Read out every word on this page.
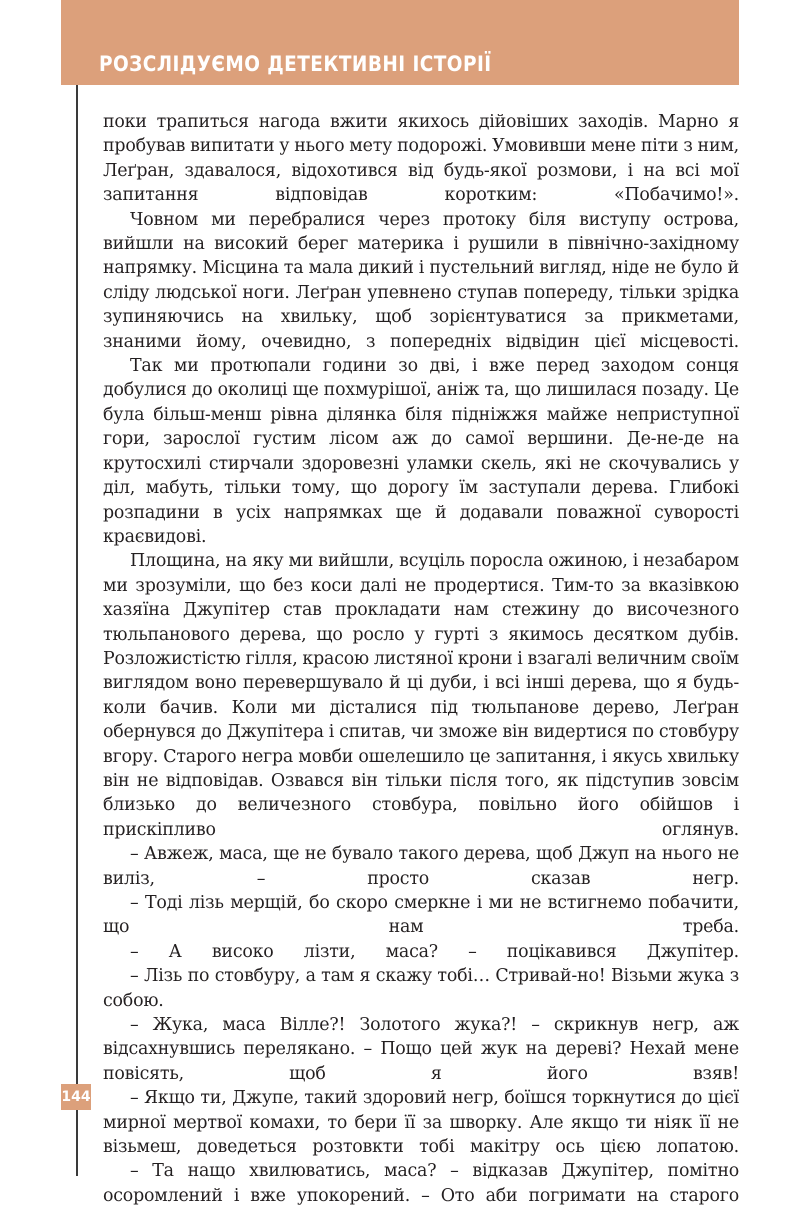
РОЗСЛІДУЄМО ДЕТЕКТИВНІ ІСТОРІЇ

поки трапиться нагода вжити якихось дійовіших заходів. Марно я пробував випитати у нього мету подорожі. Умовивши мене піти з ним, Леґран, здавалося, відохотився від будь-якої розмови, і на всі мої запитання відповідав коротким: «Побачимо!».

Човном ми перебралися через протоку біля виступу острова, вийшли на високий берег материка і рушили в північно-західному напрямку. Місцина та мала дикий і пустельний вигляд, ніде не було й сліду людської ноги. Леґран упевнено ступав попереду, тільки зрідка зупиняючись на хвильку, щоб зорієнтуватися за прикметами, знаними йому, очевидно, з попередніх відвідин цієї місцевості.

Так ми протюпали години зо дві, і вже перед заходом сонця добулися до околиці ще похмурішої, аніж та, що лишилася позаду. Це була більш-менш рівна ділянка біля підніжжя майже неприступної гори, зарослої густим лісом аж до самої вершини. Де-не-де на крутосхилі стирчали здоровезні уламки скель, які не скочувались у діл, мабуть, тільки тому, що дорогу їм заступали дерева. Глибокі розпадини в усіх напрямках ще й додавали поважної суворості краєвидові.

Площина, на яку ми вийшли, всуціль поросла ожиною, і незабаром ми зрозуміли, що без коси далі не продертися. Тим-то за вказівкою хазяїна Джупітер став прокладати нам стежину до височезного тюльпанового дерева, що росло у гурті з якимось десятком дубів. Розложистістю гілля, красою листяної крони і взагалі величним своїм виглядом воно перевершувало й ці дуби, і всі інші дерева, що я будь-коли бачив. Коли ми дісталися під тюльпанове дерево, Леґран обернувся до Джупітера і спитав, чи зможе він видертися по стовбуру вгору. Старого негра мовби ошелешило це запитання, і якусь хвильку він не відповідав. Озвався він тільки після того, як підступив зовсім близько до величезного стовбура, повільно його обійшов і прискіпливо оглянув.

– Авжеж, маса, ще не бувало такого дерева, щоб Джуп на нього не виліз, – просто сказав негр.

– Тоді лізь мерщій, бо скоро смеркне і ми не встигнемо побачити, що нам треба.

– А високо лізти, маса? – поцікавився Джупітер.

– Лізь по стовбуру, а там я скажу тобі… Стривай-но! Візьми жука з собою.

– Жука, маса Вілле?! Золотого жука?! – скрикнув негр, аж відсахнувшись перелякано. – Пощо цей жук на дереві? Нехай мене повісять, щоб я його взяв!

– Якщо ти, Джупе, такий здоровий негр, боїшся торкнутися до цієї мирної мертвої комахи, то бери її за шворку. Але якщо ти ніяк її не візьмеш, доведеться розтовкти тобі макітру ось цією лопатою.

– Та нащо хвилюватись, маса? – відказав Джупітер, помітно осоромлений і вже упокорений. – Ото аби погримати на старого

144
